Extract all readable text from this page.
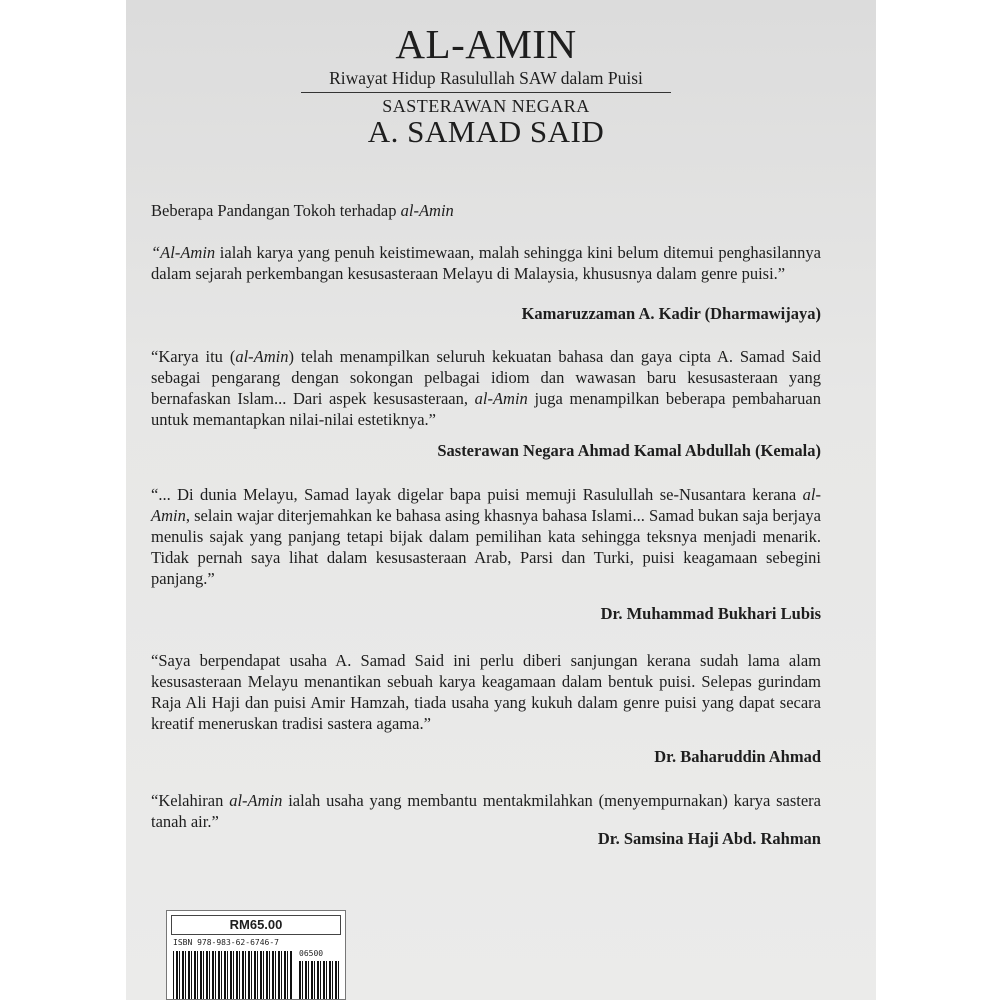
AL-AMIN
Riwayat Hidup Rasulullah SAW dalam Puisi
SASTERAWAN NEGARA
A. SAMAD SAID
Beberapa Pandangan Tokoh terhadap al-Amin

“Al-Amin ialah karya yang penuh keistimewaan, malah sehingga kini belum ditemui penghasilannya dalam sejarah perkembangan kesusasteraan Melayu di Malaysia, khususnya dalam genre puisi.”

Kamaruzzaman A. Kadir (Dharmawijaya)

“Karya itu (al-Amin) telah menampilkan seluruh kekuatan bahasa dan gaya cipta A. Samad Said sebagai pengarang dengan sokongan pelbagai idiom dan wawasan baru kesusasteraan yang bernafaskan Islam... Dari aspek kesusasteraan, al-Amin juga menampilkan beberapa pembaharuan untuk memantapkan nilai-nilai estetiknya.”

Sasterawan Negara Ahmad Kamal Abdullah (Kemala)

“... Di dunia Melayu, Samad layak digelar bapa puisi memuji Rasulullah se-Nusantara kerana al-Amin, selain wajar diterjemahkan ke bahasa asing khasnya bahasa Islami... Samad bukan saja berjaya menulis sajak yang panjang tetapi bijak dalam pemilihan kata sehingga teksnya menjadi menarik. Tidak pernah saya lihat dalam kesusasteraan Arab, Parsi dan Turki, puisi keagamaan sebegini panjang.”

Dr. Muhammad Bukhari Lubis

“Saya berpendapat usaha A. Samad Said ini perlu diberi sanjungan kerana sudah lama alam kesusasteraan Melayu menantikan sebuah karya keagamaan dalam bentuk puisi. Selepas gurindam Raja Ali Haji dan puisi Amir Hamzah, tiada usaha yang kukuh dalam genre puisi yang dapat secara kreatif meneruskan tradisi sastera agama.”

Dr. Baharuddin Ahmad

“Kelahiran al-Amin ialah usaha yang membantu mentakmilahkan (menyempurnakan) karya sastera tanah air.”

Dr. Samsina Haji Abd. Rahman

RM65.00
ISBN 978-983-62-6746-7
06500
